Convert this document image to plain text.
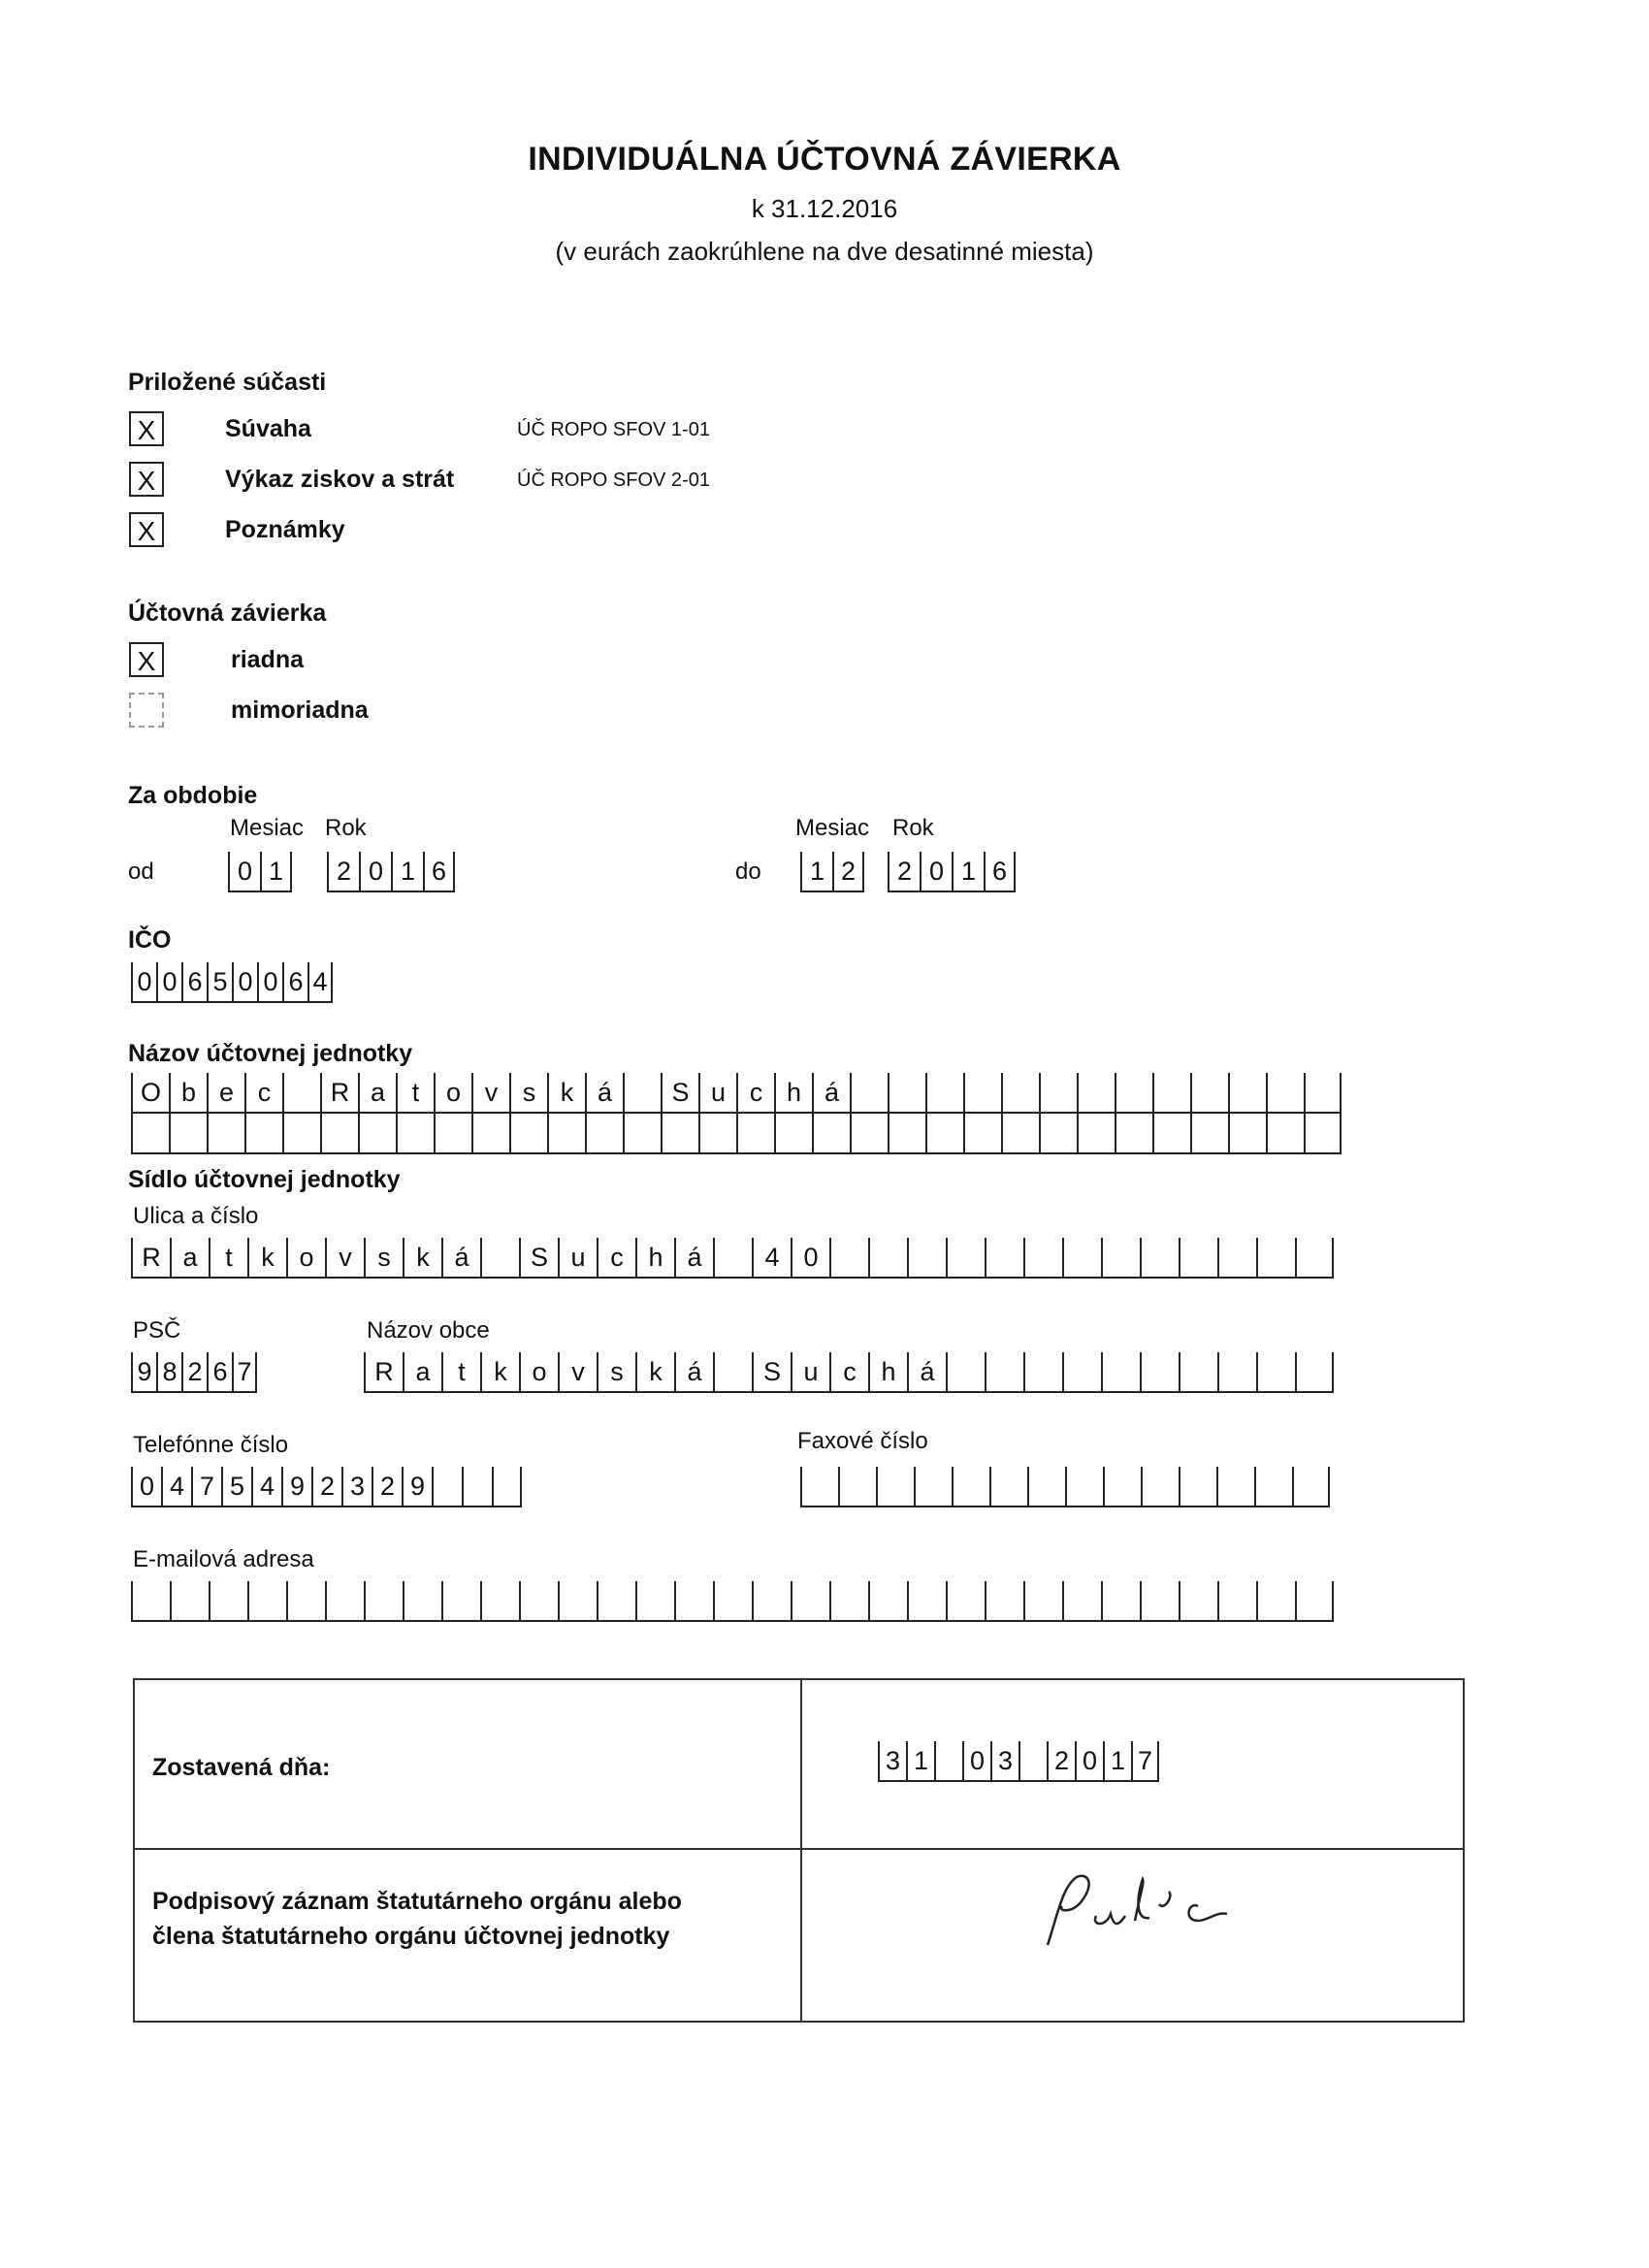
INDIVIDUÁLNA ÚČTOVNÁ ZÁVIERKA
k 31.12.2016
(v eurách zaokrúhlene na dve desatinné miesta)
Priložené súčasti
X	Súvaha	ÚČ ROPO SFOV 1-01
X	Výkaz ziskov a strát	ÚČ ROPO SFOV 2-01
X	Poznámky
Účtovná závierka
X	riadna
mimoriadna
Za obdobie
Mesiac Rok
od	0 1	2 0 1 6
Mesiac Rok
do	1 2	2 0 1 6
IČO
0 0 6 5 0 0 6 4
Názov účtovnej jednotky
O b e c	R a	t	o v s k á	S u c h á
Sídlo účtovnej jednotky
Ulica a číslo
R a	t	k o v s k á	S u c h á	4 0
PSČ	Názov obce
9 8 2 6 7	R a	t	k o v s k á	S u c h á
Telefónne číslo
0 4 7 5 4 9 2 3 2 9
Faxové číslo
E-mailová adresa
Zostavená dňa:	3 1 0 3 2 0 1 7
Podpisový záznam štatutárneho orgánu alebo
člena štatutárneho orgánu účtovnej jednotky
